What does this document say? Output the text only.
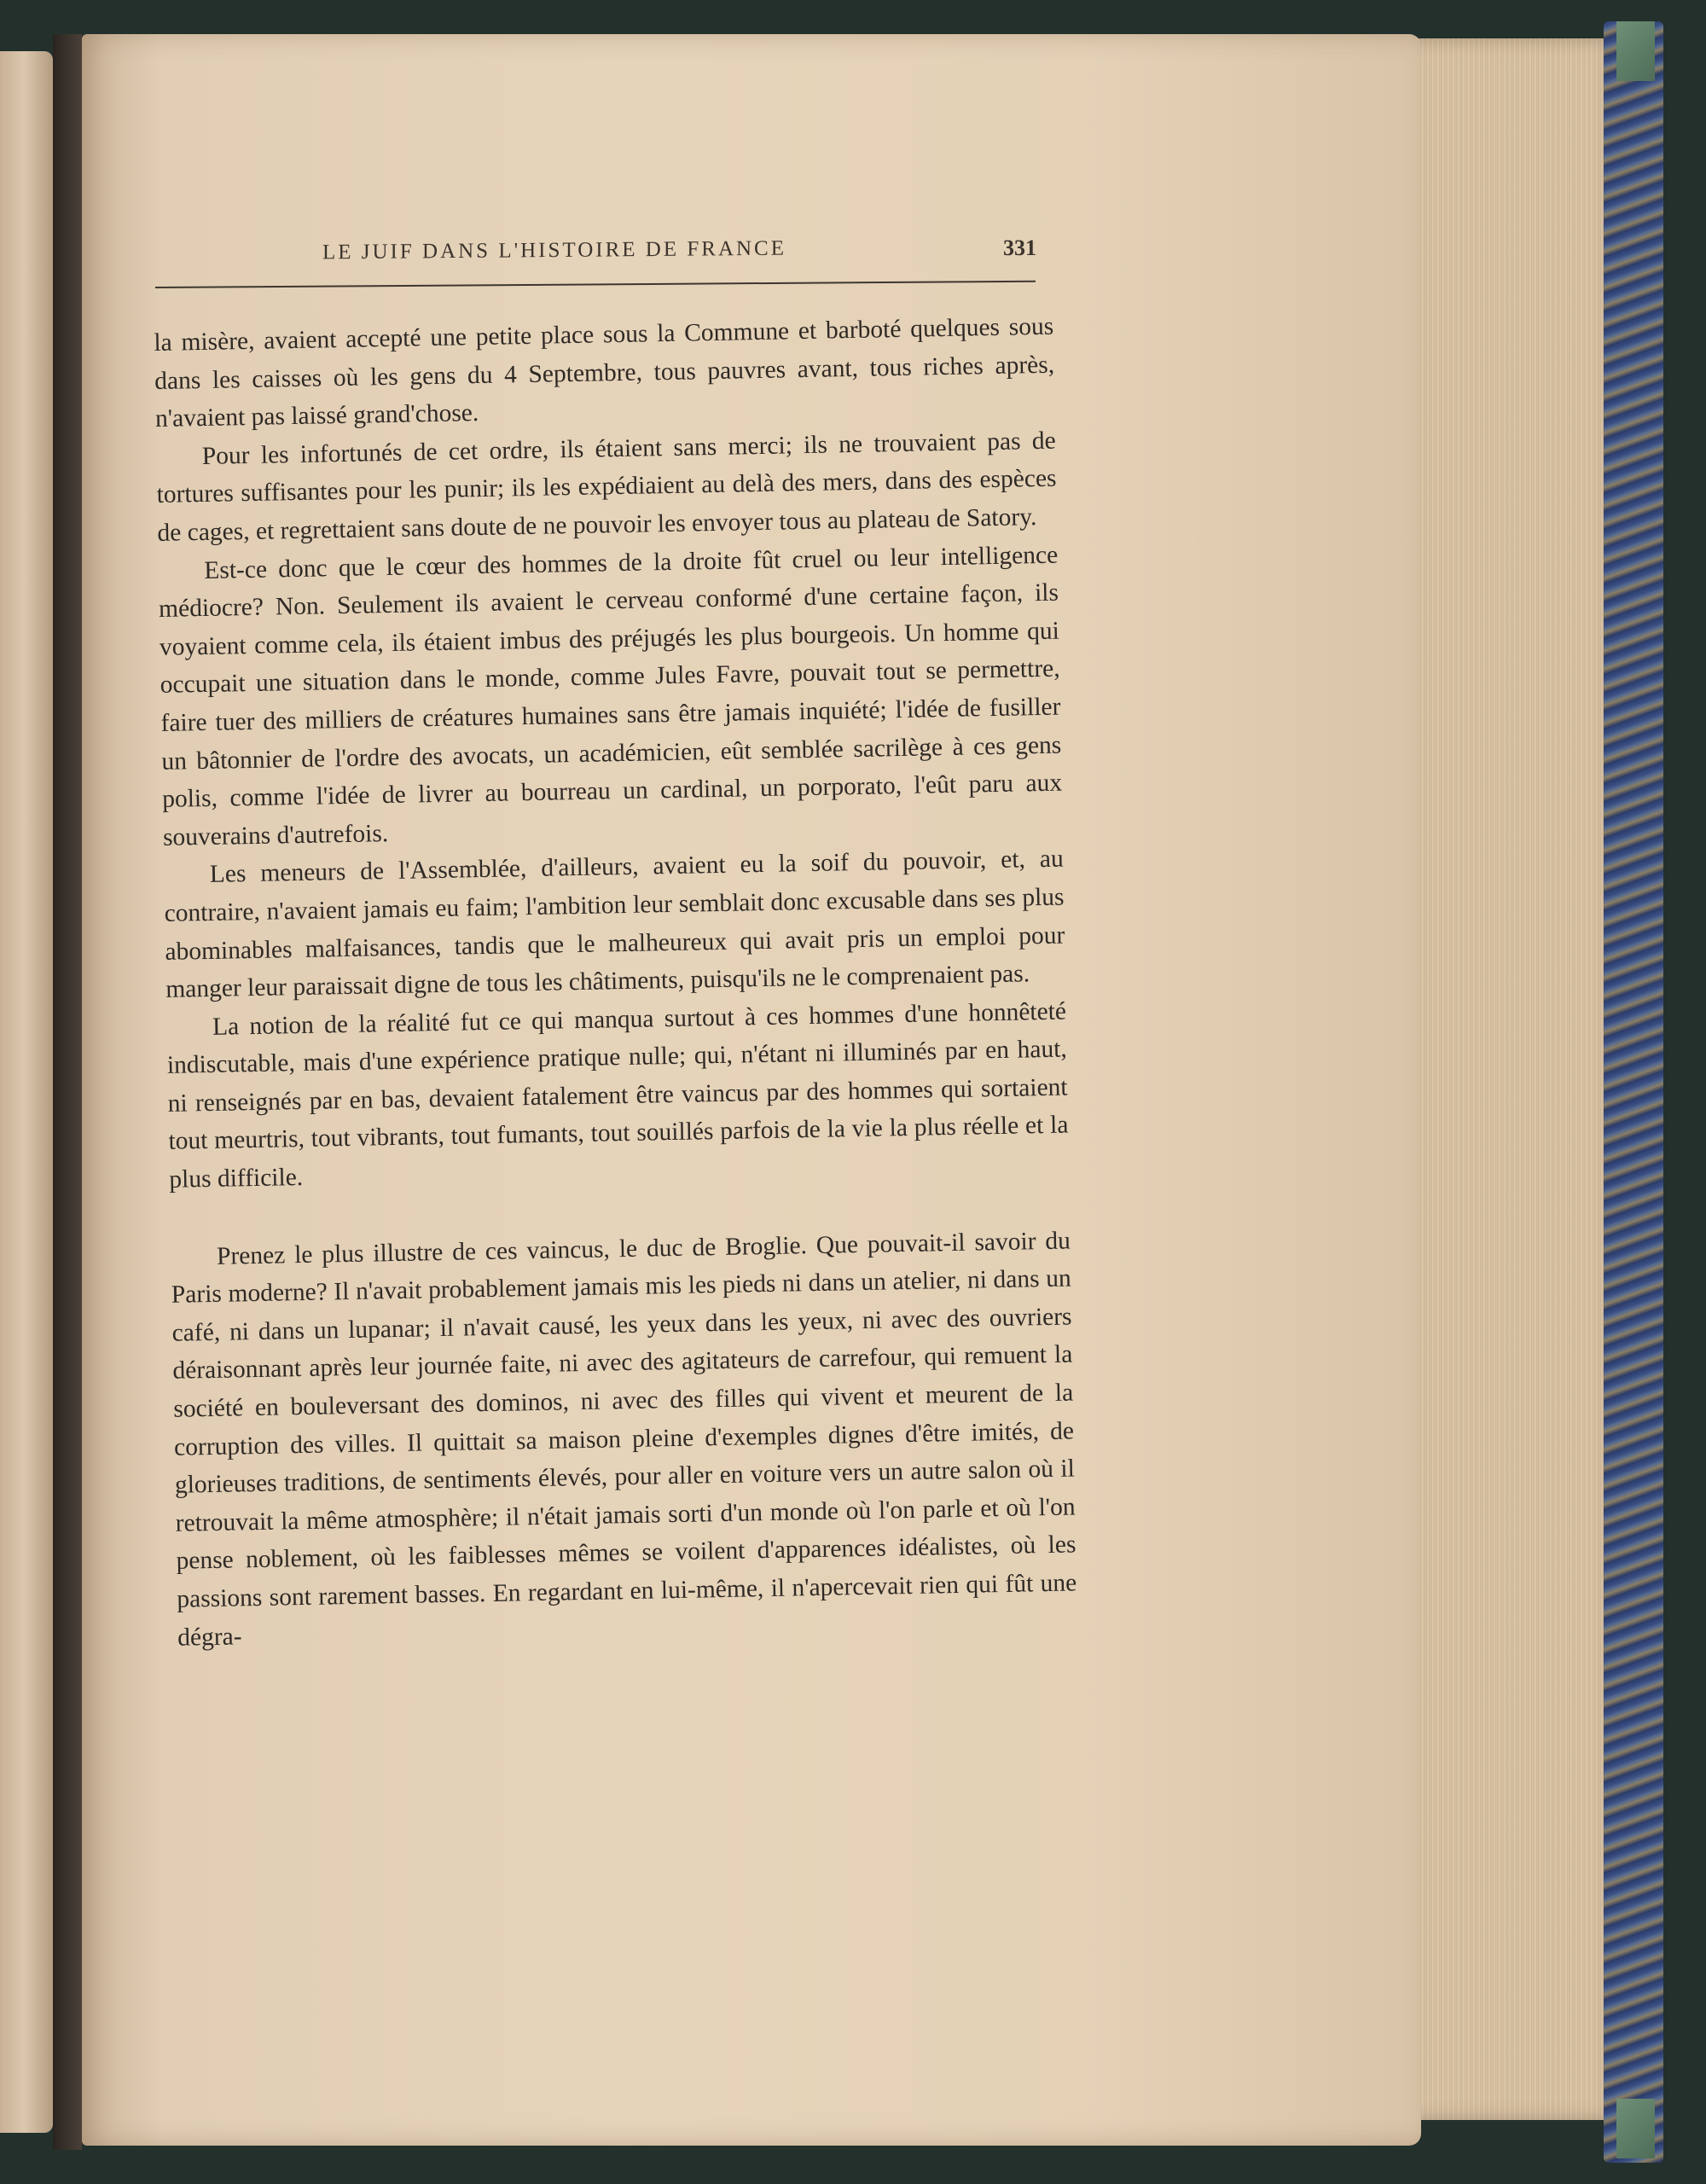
LE JUIF DANS L'HISTOIRE DE FRANCE	331

la misère, avaient accepté une petite place sous la Commune et barboté quelques sous dans les caisses où les gens du 4 Septembre, tous pauvres avant, tous riches après, n'avaient pas laissé grand'chose.

Pour les infortunés de cet ordre, ils étaient sans merci; ils ne trouvaient pas de tortures suffisantes pour les punir; ils les expédiaient au delà des mers, dans des espèces de cages, et regrettaient sans doute de ne pouvoir les envoyer tous au plateau de Satory.

Est-ce donc que le cœur des hommes de la droite fût cruel ou leur intelligence médiocre? Non. Seulement ils avaient le cerveau conformé d'une certaine façon, ils voyaient comme cela, ils étaient imbus des préjugés les plus bourgeois. Un homme qui occupait une situation dans le monde, comme Jules Favre, pouvait tout se permettre, faire tuer des milliers de créatures humaines sans être jamais inquiété; l'idée de fusiller un bâtonnier de l'ordre des avocats, un académicien, eût semblée sacrilège à ces gens polis, comme l'idée de livrer au bourreau un cardinal, un porporato, l'eût paru aux souverains d'autrefois.

Les meneurs de l'Assemblée, d'ailleurs, avaient eu la soif du pouvoir, et, au contraire, n'avaient jamais eu faim; l'ambition leur semblait donc excusable dans ses plus abominables malfaisances, tandis que le malheureux qui avait pris un emploi pour manger leur paraissait digne de tous les châtiments, puisqu'ils ne le comprenaient pas.

La notion de la réalité fut ce qui manqua surtout à ces hommes d'une honnêteté indiscutable, mais d'une expérience pratique nulle; qui, n'étant ni illuminés par en haut, ni renseignés par en bas, devaient fatalement être vaincus par des hommes qui sortaient tout meurtris, tout vibrants, tout fumants, tout souillés parfois de la vie la plus réelle et la plus difficile.

Prenez le plus illustre de ces vaincus, le duc de Broglie. Que pouvait-il savoir du Paris moderne? Il n'avait probablement jamais mis les pieds ni dans un atelier, ni dans un café, ni dans un lupanar; il n'avait causé, les yeux dans les yeux, ni avec des ouvriers déraisonnant après leur journée faite, ni avec des agitateurs de carrefour, qui remuent la société en bouleversant des dominos, ni avec des filles qui vivent et meurent de la corruption des villes. Il quittait sa maison pleine d'exemples dignes d'être imités, de glorieuses traditions, de sentiments élevés, pour aller en voiture vers un autre salon où il retrouvait la même atmosphère; il n'était jamais sorti d'un monde où l'on parle et où l'on pense noblement, où les faiblesses mêmes se voilent d'apparences idéalistes, où les passions sont rarement basses. En regardant en lui-même, il n'apercevait rien qui fût une dégra-
